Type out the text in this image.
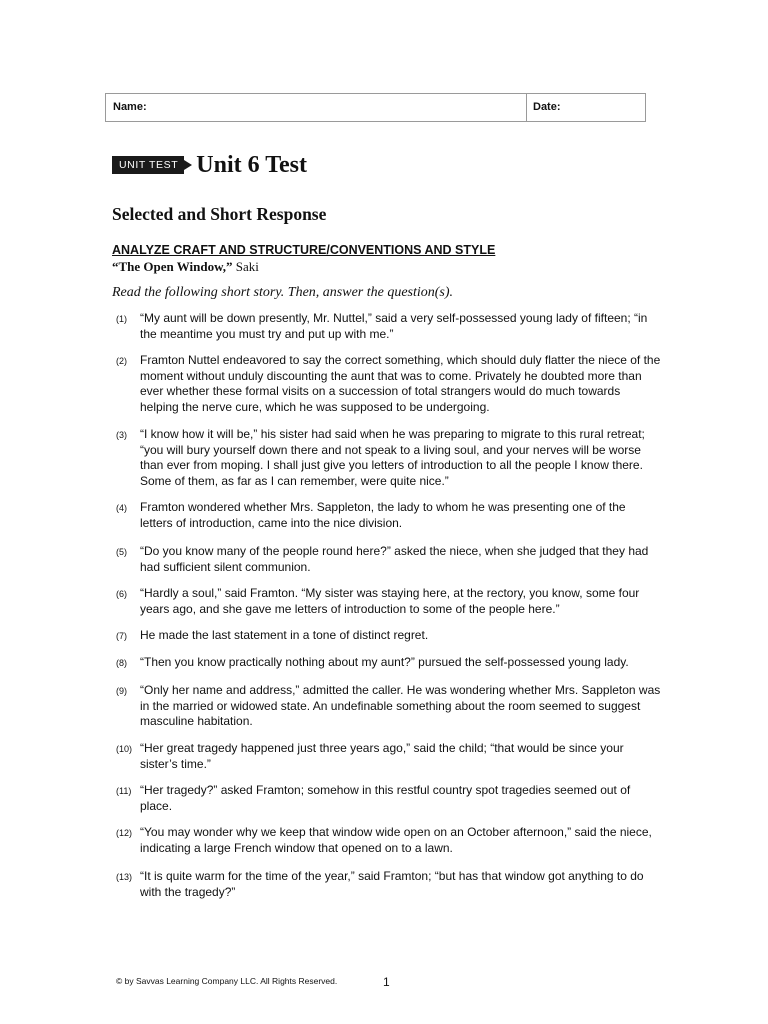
Name:	Date:
UNIT TEST Unit 6 Test
Selected and Short Response
ANALYZE CRAFT AND STRUCTURE/CONVENTIONS AND STYLE
“The Open Window,” Saki
Read the following short story. Then, answer the question(s).
(1)	“My aunt will be down presently, Mr. Nuttel,” said a very self-possessed young lady of fifteen; “in the meantime you must try and put up with me.”
(2)	Framton Nuttel endeavored to say the correct something, which should duly flatter the niece of the moment without unduly discounting the aunt that was to come. Privately he doubted more than ever whether these formal visits on a succession of total strangers would do much towards helping the nerve cure, which he was supposed to be undergoing.
(3)	“I know how it will be,” his sister had said when he was preparing to migrate to this rural retreat; “you will bury yourself down there and not speak to a living soul, and your nerves will be worse than ever from moping. I shall just give you letters of introduction to all the people I know there. Some of them, as far as I can remember, were quite nice.”
(4)	Framton wondered whether Mrs. Sappleton, the lady to whom he was presenting one of the letters of introduction, came into the nice division.
(5)	“Do you know many of the people round here?” asked the niece, when she judged that they had had sufficient silent communion.
(6)	“Hardly a soul,” said Framton. “My sister was staying here, at the rectory, you know, some four years ago, and she gave me letters of introduction to some of the people here.”
(7)	He made the last statement in a tone of distinct regret.
(8)	“Then you know practically nothing about my aunt?” pursued the self-possessed young lady.
(9)	“Only her name and address,” admitted the caller. He was wondering whether Mrs. Sappleton was in the married or widowed state. An undefinable something about the room seemed to suggest masculine habitation.
(10) “Her great tragedy happened just three years ago,” said the child; “that would be since your sister’s time.”
(11) “Her tragedy?” asked Framton; somehow in this restful country spot tragedies seemed out of place.
(12) “You may wonder why we keep that window wide open on an October afternoon,” said the niece, indicating a large French window that opened on to a lawn.
(13) “It is quite warm for the time of the year,” said Framton; “but has that window got anything to do with the tragedy?”
© by Savvas Learning Company LLC. All Rights Reserved.	1
